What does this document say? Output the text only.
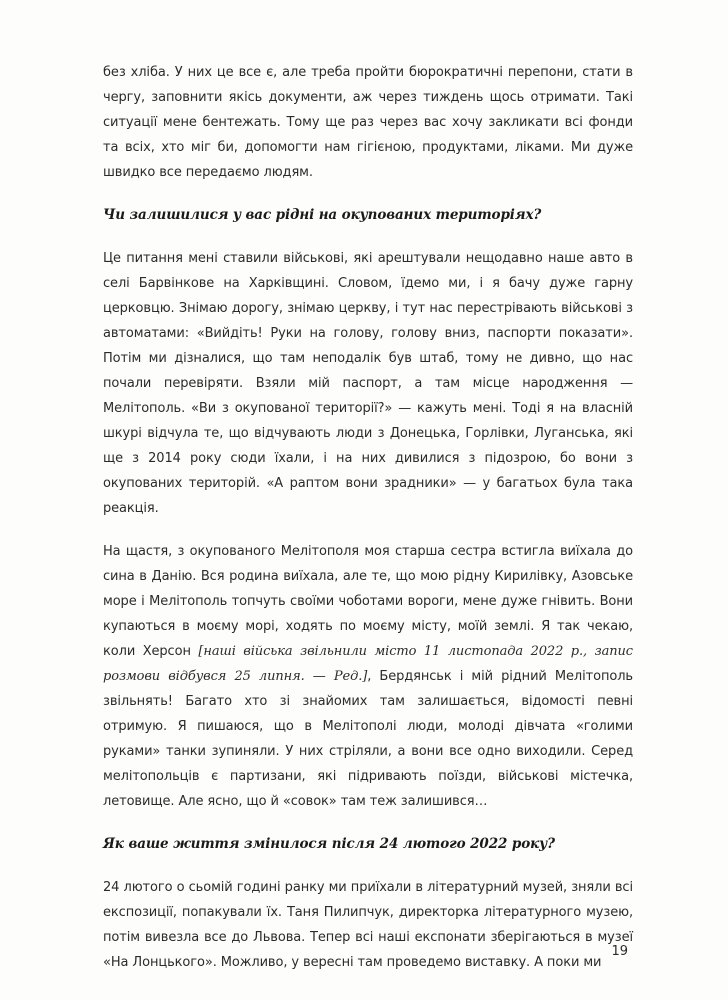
без хліба. У них це все є, але треба пройти бюрократичні перепони, стати в чергу, заповнити якісь документи, аж через тиждень щось отримати. Такі ситуації мене бентежать. Тому ще раз через вас хочу закликати всі фонди та всіх, хто міг би, допомогти нам гігієною, продуктами, ліками. Ми дуже швидко все передаємо людям.

Чи залишилися у вас рідні на окупованих територіях?

Це питання мені ставили військові, які арештували нещодавно наше авто в селі Барвінкове на Харківщині. Словом, їдемо ми, і я бачу дуже гарну церковцю. Знімаю дорогу, знімаю церкву, і тут нас перестрівають військові з автоматами: «Вийдіть! Руки на голову, голову вниз, паспорти показати». Потім ми дізналися, що там неподалік був штаб, тому не дивно, що нас почали перевіряти. Взяли мій паспорт, а там місце народження — Мелітополь. «Ви з окупованої території?» — кажуть мені. Тоді я на власній шкурі відчула те, що відчувають люди з Донецька, Горлівки, Луганська, які ще з 2014 року сюди їхали, і на них дивилися з підозрою, бо вони з окупованих територій. «А раптом вони зрадники» — у багатьох була така реакція.

На щастя, з окупованого Мелітополя моя старша сестра встигла виїхала до сина в Данію. Вся родина виїхала, але те, що мою рідну Кирилівку, Азовське море і Мелітополь топчуть своїми чоботами вороги, мене дуже гнівить. Вони купаються в моєму морі, ходять по моєму місту, моїй землі. Я так чекаю, коли Херсон [наші війська звільнили місто 11 листопада 2022 р., запис розмови відбувся 25 липня. — Ред.], Бердянськ і мій рідний Мелітополь звільнять! Багато хто зі знайомих там залишається, відомості певні отримую. Я пишаюся, що в Мелітополі люди, молоді дівчата «голими руками» танки зупиняли. У них стріляли, а вони все одно виходили. Серед мелітопольців є партизани, які підривають поїзди, військові містечка, летовище. Але ясно, що й «совок» там теж залишився…

Як ваше життя змінилося після 24 лютого 2022 року?

24 лютого о сьомій годині ранку ми приїхали в літературний музей, зняли всі експозиції, попакували їх. Таня Пилипчук, директорка літературного музею, потім вивезла все до Львова. Тепер всі наші експонати зберігаються в музеї «На Лонцького». Можливо, у вересні там проведемо виставку. А поки ми

19
